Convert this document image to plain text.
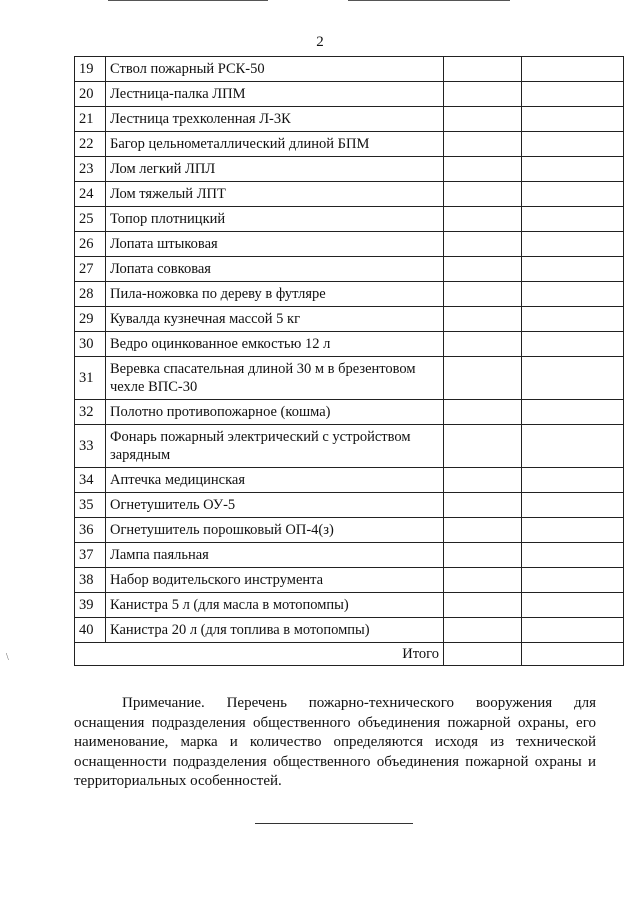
2
19	Ствол пожарный РСК-50		
20	Лестница-палка ЛПМ		
21	Лестница трехколенная Л-3К		
22	Багор цельнометаллический длиной БПМ		
23	Лом легкий ЛПЛ		
24	Лом тяжелый ЛПТ		
25	Топор плотницкий		
26	Лопата штыковая		
27	Лопата совковая		
28	Пила-ножовка по дереву в футляре		
29	Кувалда кузнечная массой 5 кг		
30	Ведро оцинкованное емкостью 12 л		
31	Веревка спасательная длиной 30 м в брезентовом чехле ВПС-30		
32	Полотно противопожарное (кошма)		
33	Фонарь пожарный электрический с устройством зарядным		
34	Аптечка медицинская		
35	Огнетушитель ОУ-5		
36	Огнетушитель порошковый ОП-4(з)		
37	Лампа паяльная		
38	Набор водительского инструмента		
39	Канистра 5 л (для масла в мотопомпы)		
40	Канистра 20 л (для топлива в мотопомпы)		
Итого			
Примечание. Перечень пожарно-технического вооружения для оснащения подразделения общественного объединения пожарной охраны, его наименование, марка и количество определяются исходя из технической оснащенности подразделения общественного объединения пожарной охраны и территориальных особенностей.
\
